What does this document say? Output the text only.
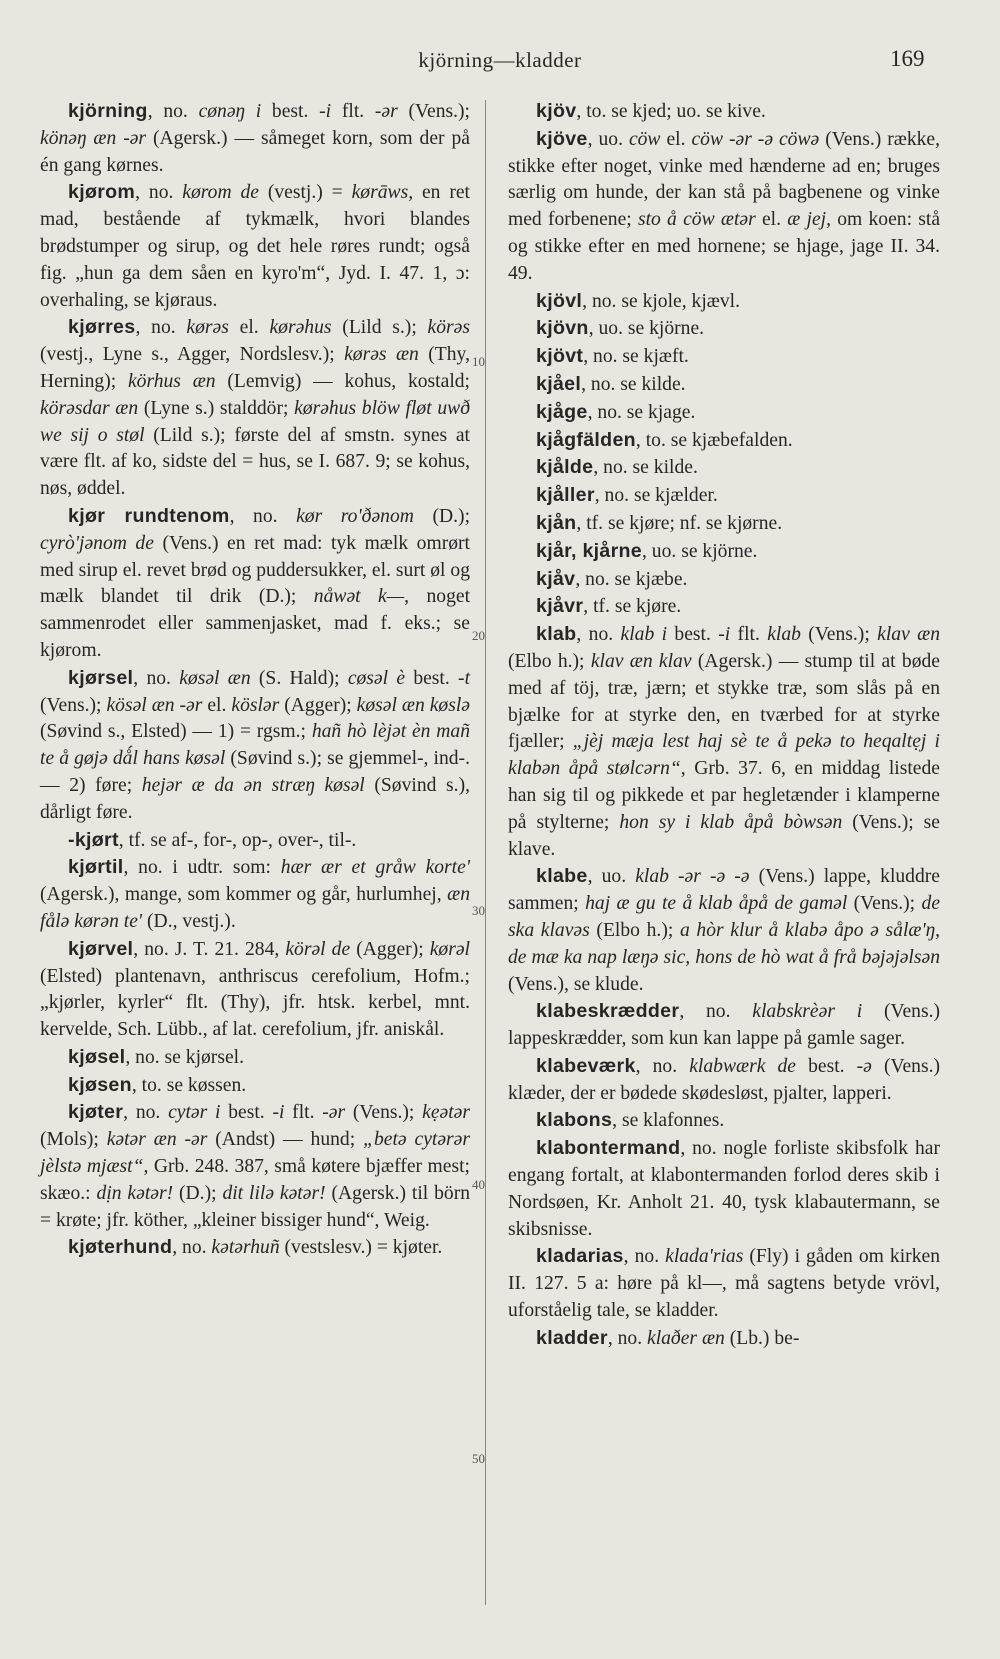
kjörning—kladder	169

kjörning, no. cønəŋ i best. -i flt. -ər (Vens.); könəŋ æn -ər (Agersk.) — såmeget korn, som der på én gang kørnes.

kjørom, no. kørom de (vestj.) = kørāws, en ret mad, bestående af tykmælk, hvori blandes brødstumper og sirup, og det hele røres rundt; også fig. „hun ga dem såen en kyro'm“, Jyd. I. 47. 1, ɔ: overhaling, se kjøraus.

kjørres, no. kørəs el. kørəhus (Lild s.); körəs (vestj., Lyne s., Agger, Nordslesv.); kørəs æn (Thy, Herning); körhus æn (Lemvig) — kohus, kostald; körəsdar æn (Lyne s.) stalddör; kørəhus blöw fløt uwð we sij o støl (Lild s.); første del af smstn. synes at være flt. af ko, sidste del = hus, se I. 687. 9; se kohus, nøs, øddel.

kjør rundtenom, no. kør ro'ðənom (D.); cyrò'jənom de (Vens.) en ret mad: tyk mælk omrørt med sirup el. revet brød og puddersukker, el. surt øl og mælk blandet til drik (D.); nåwət k—, noget sammenrodet eller sammenjasket, mad f. eks.; se kjørom.

kjørsel, no. køsəl æn (S. Hald); cøsəl è best. -t (Vens.); kösəl æn -ər el. köslər (Agger); køsəl æn køslə (Søvind s., Elsted) — 1) = rgsm.; hañ hò lèjət èn mañ te å gøjə dǻl hans køsəl (Søvind s.); se gjemmel-, ind-. — 2) føre; hejər æ da ən stræŋ køsəl (Søvind s.), dårligt føre.

-kjørt, tf. se af-, for-, op-, over-, til-.

kjørtil, no. i udtr. som: hær ær et gråw korte' (Agersk.), mange, som kommer og går, hurlumhej, æn fålə kørən te' (D., vestj.).

kjørvel, no. J. T. 21. 284, körəl de (Agger); kørəl (Elsted) plantenavn, anthriscus cerefolium, Hofm.; „kjørler, kyrler“ flt. (Thy), jfr. htsk. kerbel, mnt. kervelde, Sch. Lübb., af lat. cerefolium, jfr. aniskål.

kjøsel, no. se kjørsel.

kjøsen, to. se køssen.

kjøter, no. cytər i best. -i flt. -ər (Vens.); kẹətər (Mols); kətər æn -ər (Andst) — hund; „betə cytərər jèlstə mjæst“, Grb. 248. 387, små køtere bjæffer mest; skæo.: dịn kətər! (D.); dit lilə kətər! (Agersk.) til börn = krøte; jfr. köther, „kleiner bissiger hund“, Weig.

kjøterhund, no. kətərhuñ (vestslesv.) = kjøter.

10
20
30
40
50

kjöv, to. se kjed; uo. se kive.

kjöve, uo. cöw el. cöw -ər -ə cöwə (Vens.) række, stikke efter noget, vinke med hænderne ad en; bruges særlig om hunde, der kan stå på bagbenene og vinke med forbenene; sto å cöw ætər el. æ jej, om koen: stå og stikke efter en med hornene; se hjage, jage II. 34. 49.

kjövl, no. se kjole, kjævl.

kjövn, uo. se kjörne.

kjövt, no. se kjæft.

kjåel, no. se kilde.

kjåge, no. se kjage.

kjågfälden, to. se kjæbefalden.

kjålde, no. se kilde.

kjåller, no. se kjælder.

kjån, tf. se kjøre; nf. se kjørne.

kjår, kjårne, uo. se kjörne.

kjåv, no. se kjæbe.

kjåvr, tf. se kjøre.

klab, no. klab i best. -i flt. klab (Vens.); klav æn (Elbo h.); klav æn klav (Agersk.) — stump til at bøde med af töj, træ, jærn; et stykke træ, som slås på en bjælke for at styrke den, en tværbed for at styrke fjæller; „jèj mæja lest haj sè te å pekə to heqaltẹj i klabən åpå stølcərn“, Grb. 37. 6, en middag listede han sig til og pikkede et par hegletænder i klamperne på stylterne; hon sy i klab åpå bòwsən (Vens.); se klave.

klabe, uo. klab -ər -ə -ə (Vens.) lappe, kluddre sammen; haj æ gu te å klab åpå de gaməl (Vens.); de ska klavəs (Elbo h.); a hòr klur å klabə åpo ə sålæ'ŋ, de mæ ka nap læŋə sic, hons de hò wat å frå bəjəjəlsən (Vens.), se klude.

klabeskrædder, no. klabskrèər i (Vens.) lappeskrædder, som kun kan lappe på gamle sager.

klabeværk, no. klabwærk de best. -ə (Vens.) klæder, der er bødede skødesløst, pjalter, lapperi.

klabons, se klafonnes.

klabontermand, no. nogle forliste skibsfolk har engang fortalt, at klabontermanden forlod deres skib i Nordsøen, Kr. Anholt 21. 40, tysk klabautermann, se skibsnisse.

kladarias, no. klada'rias (Fly) i gåden om kirken II. 127. 5 a: høre på kl—, må sagtens betyde vrövl, uforståelig tale, se kladder.

kladder, no. klaðer æn (Lb.) be-
